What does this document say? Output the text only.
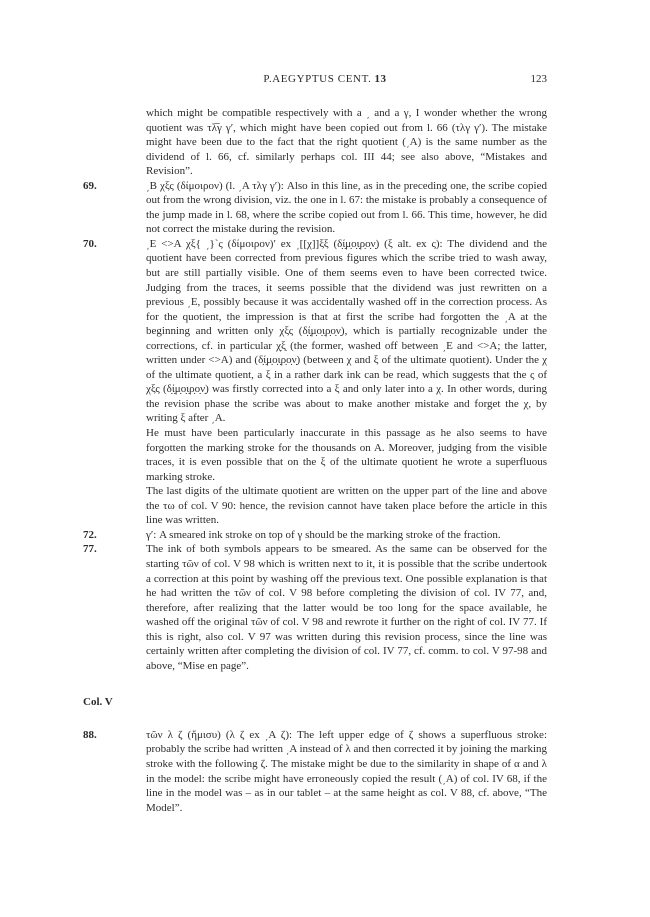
P.AEGYPTUS CENT. 13	123

which might be compatible respectively with a ͵ and a γ, I wonder whether the wrong quotient was τλ̅γ γʹ, which might have been copied out from l. 66 (τλγ γʹ). The mistake might have been due to the fact that the right quotient (͵Α) is the same number as the dividend of l. 66, cf. similarly perhaps col. III 44; see also above, “Mistakes and Revision”.

69.	͵Β χξς (δίμοιρον) (l. ͵Α τλγ γʹ): Also in this line, as in the preceding one, the scribe copied out from the wrong division, viz. the one in l. 67: the mistake is probably a consequence of the jump made in l. 68, where the scribe copied out from l. 66. This time, however, he did not correct the mistake during the revision.

70.	͵Ε <>Α χξ{ ͵}`ς (δίμοιρον)ʹ ex ͵[[χ]]ξξ (δ̣ί̣μ̣ο̣ι̣ρ̣ο̣ν̣) (ξ alt. ex ς): The dividend and the quotient have been corrected from previous figures which the scribe tried to wash away, but are still partially visible. One of them seems even to have been corrected twice. Judging from the traces, it seems possible that the dividend was just rewritten on a previous ͵Ε, possibly because it was accidentally washed off in the correction process. As for the quotient, the impression is that at first the scribe had forgotten the ͵Α at the beginning and written only χξς (δ̣ί̣μ̣ο̣ι̣ρ̣ο̣ν̣), which is partially recognizable under the corrections, cf. in particular χ̣ξ̣ (the former, washed off between ͵Ε and <>Α; the latter, written under <>Α) and (δ̣ί̣μ̣ο̣ι̣ρ̣ο̣ν̣) (between χ and ξ of the ultimate quotient). Under the χ of the ultimate quotient, a ξ in a rather dark ink can be read, which suggests that the ς of χξς (δ̣ί̣μ̣ο̣ι̣ρ̣ο̣ν̣) was firstly corrected into a ξ and only later into a χ. In other words, during the revision phase the scribe was about to make another mistake and forget the χ, by writing ξ after ͵Α.

He must have been particularly inaccurate in this passage as he also seems to have forgotten the marking stroke for the thousands on A. Moreover, judging from the visible traces, it is even possible that on the ξ of the ultimate quotient he wrote a superfluous marking stroke.

The last digits of the ultimate quotient are written on the upper part of the line and above the τω of col. V 90: hence, the revision cannot have taken place before the article in this line was written.

72.	γʹ: A smeared ink stroke on top of γ should be the marking stroke of the fraction.

77.	The ink of both symbols appears to be smeared. As the same can be observed for the starting τῶν of col. V 98 which is written next to it, it is possible that the scribe undertook a correction at this point by washing off the previous text. One possible explanation is that he had written the τῶν of col. V 98 before completing the division of col. IV 77, and, therefore, after realizing that the latter would be too long for the space available, he washed off the original τῶν of col. V 98 and rewrote it further on the right of col. IV 77. If this is right, also col. V 97 was written during this revision process, since the line was certainly written after completing the division of col. IV 77, cf. comm. to col. V 97-98 and above, “Mise en page”.

Col. V
88.	τῶν λ ζ (ἥμισυ) (λ ζ ex ͵Α ζ): The left upper edge of ζ shows a superfluous stroke: probably the scribe had written ͵Α instead of λ and then corrected it by joining the marking stroke with the following ζ. The mistake might be due to the similarity in shape of α and λ in the model: the scribe might have erroneously copied the result (͵Α) of col. IV 68, if the line in the model was – as in our tablet – at the same height as col. V 88, cf. above, “The Model”.
